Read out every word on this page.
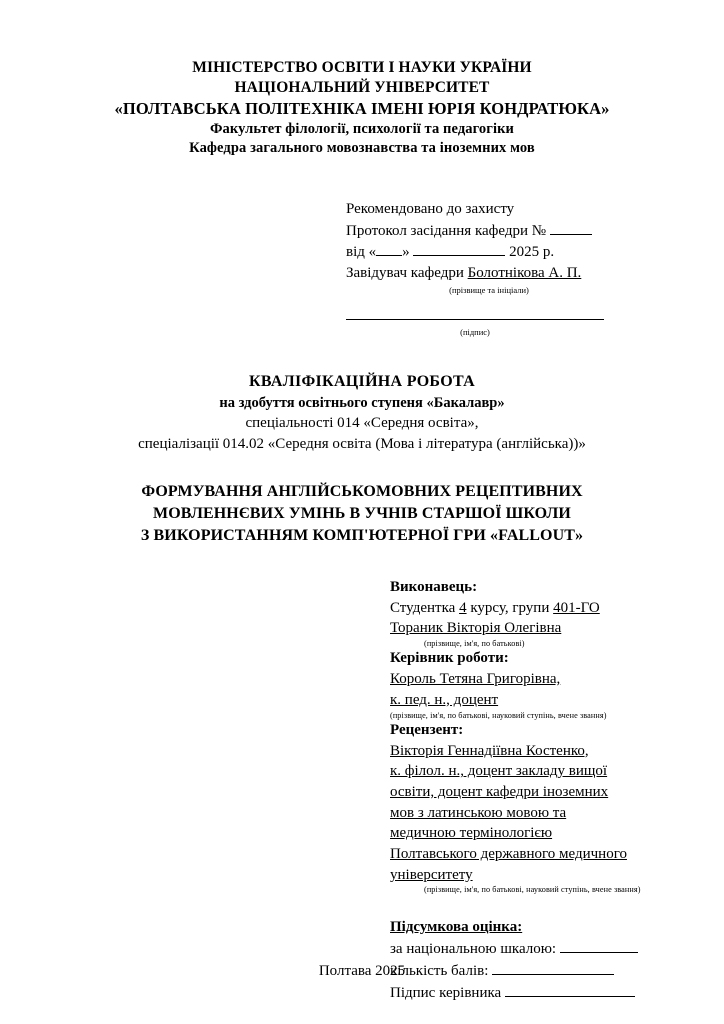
МІНІСТЕРСТВО ОСВІТИ І НАУКИ УКРАЇНИ
НАЦІОНАЛЬНИЙ УНІВЕРСИТЕТ
«ПОЛТАВСЬКА ПОЛІТЕХНІКА ІМЕНІ ЮРІЯ КОНДРАТЮКА»
Факультет філології, психології та педагогіки
Кафедра загального мовознавства та іноземних мов
Рекомендовано до захисту
Протокол засідання кафедри №
від « »	2025 р.
Завідувач кафедри Болотнікова А. П.
(прізвище та ініціали)
(підпис)
КВАЛІФІКАЦІЙНА РОБОТА
на здобуття освітнього ступеня «Бакалавр»
спеціальності 014 «Середня освіта»,
спеціалізації 014.02 «Середня освіта (Мова і література (англійська))»
ФОРМУВАННЯ АНГЛІЙСЬКОМОВНИХ РЕЦЕПТИВНИХ
МОВЛЕННЄВИХ УМІНЬ В УЧНІВ СТАРШОЇ ШКОЛИ
З ВИКОРИСТАННЯМ КОМП'ЮТЕРНОЇ ГРИ «FALLOUT»
Виконавець:
Студентка 4 курсу, групи 401-ГО
Тораник Вікторія Олегівна
(прізвище, ім'я, по батькові)
Керівник роботи:
Король Тетяна Григорівна,
к. пед. н., доцент
(прізвище, ім'я, по батькові, науковий ступінь, вчене звання)
Рецензент:
Вікторія Геннадіївна Костенко,
к. філол. н., доцент закладу вищої
освіти, доцент кафедри іноземних
мов з латинською мовою та
медичною термінологією
Полтавського державного медичного
університету
(прізвище, ім'я, по батькові, науковий ступінь, вчене звання)
Підсумкова оцінка:
за національною шкалою:
кількість балів:
Підпис керівника
Полтава 2025
